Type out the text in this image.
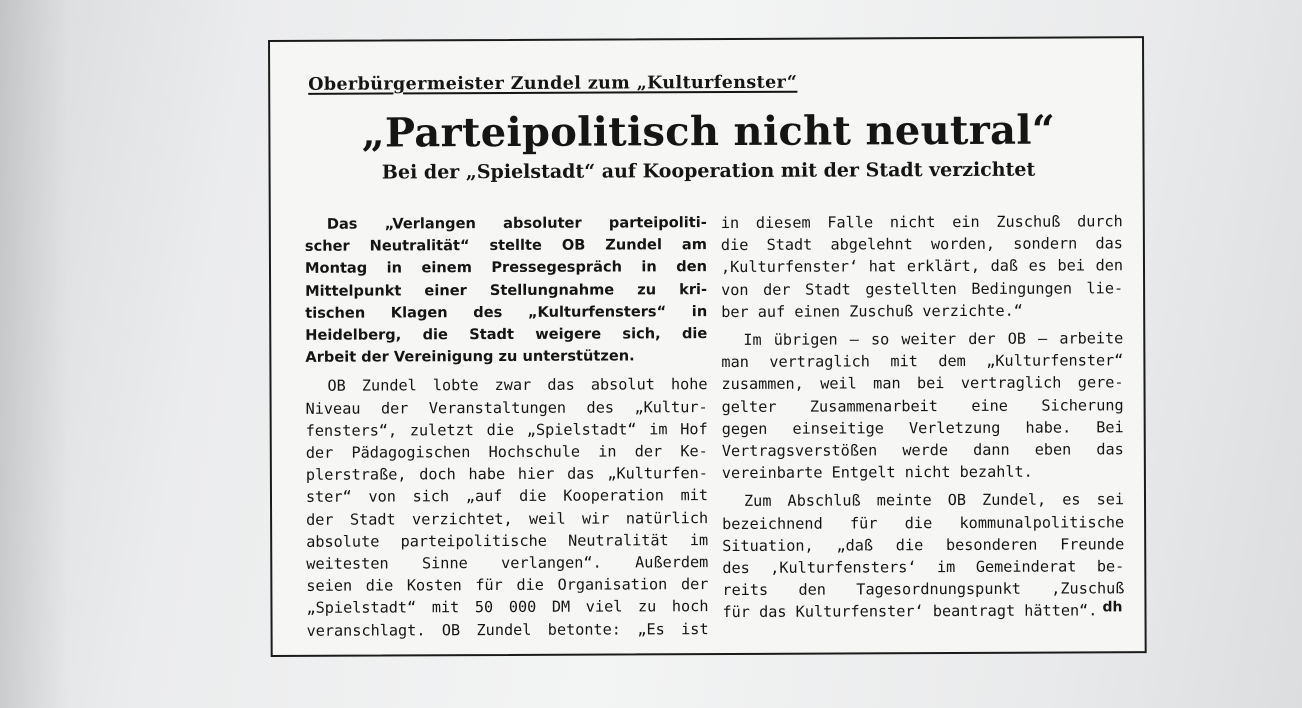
Oberbürgermeister Zundel zum „Kulturfenster“
„Parteipolitisch nicht neutral“
Bei der „Spielstadt“ auf Kooperation mit der Stadt verzichtet
Das „Verlangen absoluter parteipoliti-
scher Neutralität“ stellte OB Zundel am
Montag in einem Pressegespräch in den
Mittelpunkt einer Stellungnahme zu kri-
tischen Klagen des „Kulturfensters“ in
Heidelberg, die Stadt weigere sich, die
Arbeit der Vereinigung zu unterstützen.
OB Zundel lobte zwar das absolut hohe
Niveau der Veranstaltungen des „Kultur-
fensters“, zuletzt die „Spielstadt“ im Hof
der Pädagogischen Hochschule in der Ke-
plerstraße, doch habe hier das „Kulturfen-
ster“ von sich „auf die Kooperation mit
der Stadt verzichtet, weil wir natürlich
absolute parteipolitische Neutralität im
weitesten Sinne verlangen“. Außerdem
seien die Kosten für die Organisation der
„Spielstadt“ mit 50 000 DM viel zu hoch
veranschlagt. OB Zundel betonte: „Es ist
in diesem Falle nicht ein Zuschuß durch
die Stadt abgelehnt worden, sondern das
‚Kulturfenster‘ hat erklärt, daß es bei den
von der Stadt gestellten Bedingungen lie-
ber auf einen Zuschuß verzichte.“
Im übrigen – so weiter der OB – arbeite
man vertraglich mit dem „Kulturfenster“
zusammen, weil man bei vertraglich gere-
gelter Zusammenarbeit eine Sicherung
gegen einseitige Verletzung habe. Bei
Vertragsverstößen werde dann eben das
vereinbarte Entgelt nicht bezahlt.
Zum Abschluß meinte OB Zundel, es sei
bezeichnend für die kommunalpolitische
Situation, „daß die besonderen Freunde
des ‚Kulturfensters‘ im Gemeinderat be-
reits den Tagesordnungspunkt ‚Zuschuß
für das Kulturfenster‘ beantragt hätten“. dh
